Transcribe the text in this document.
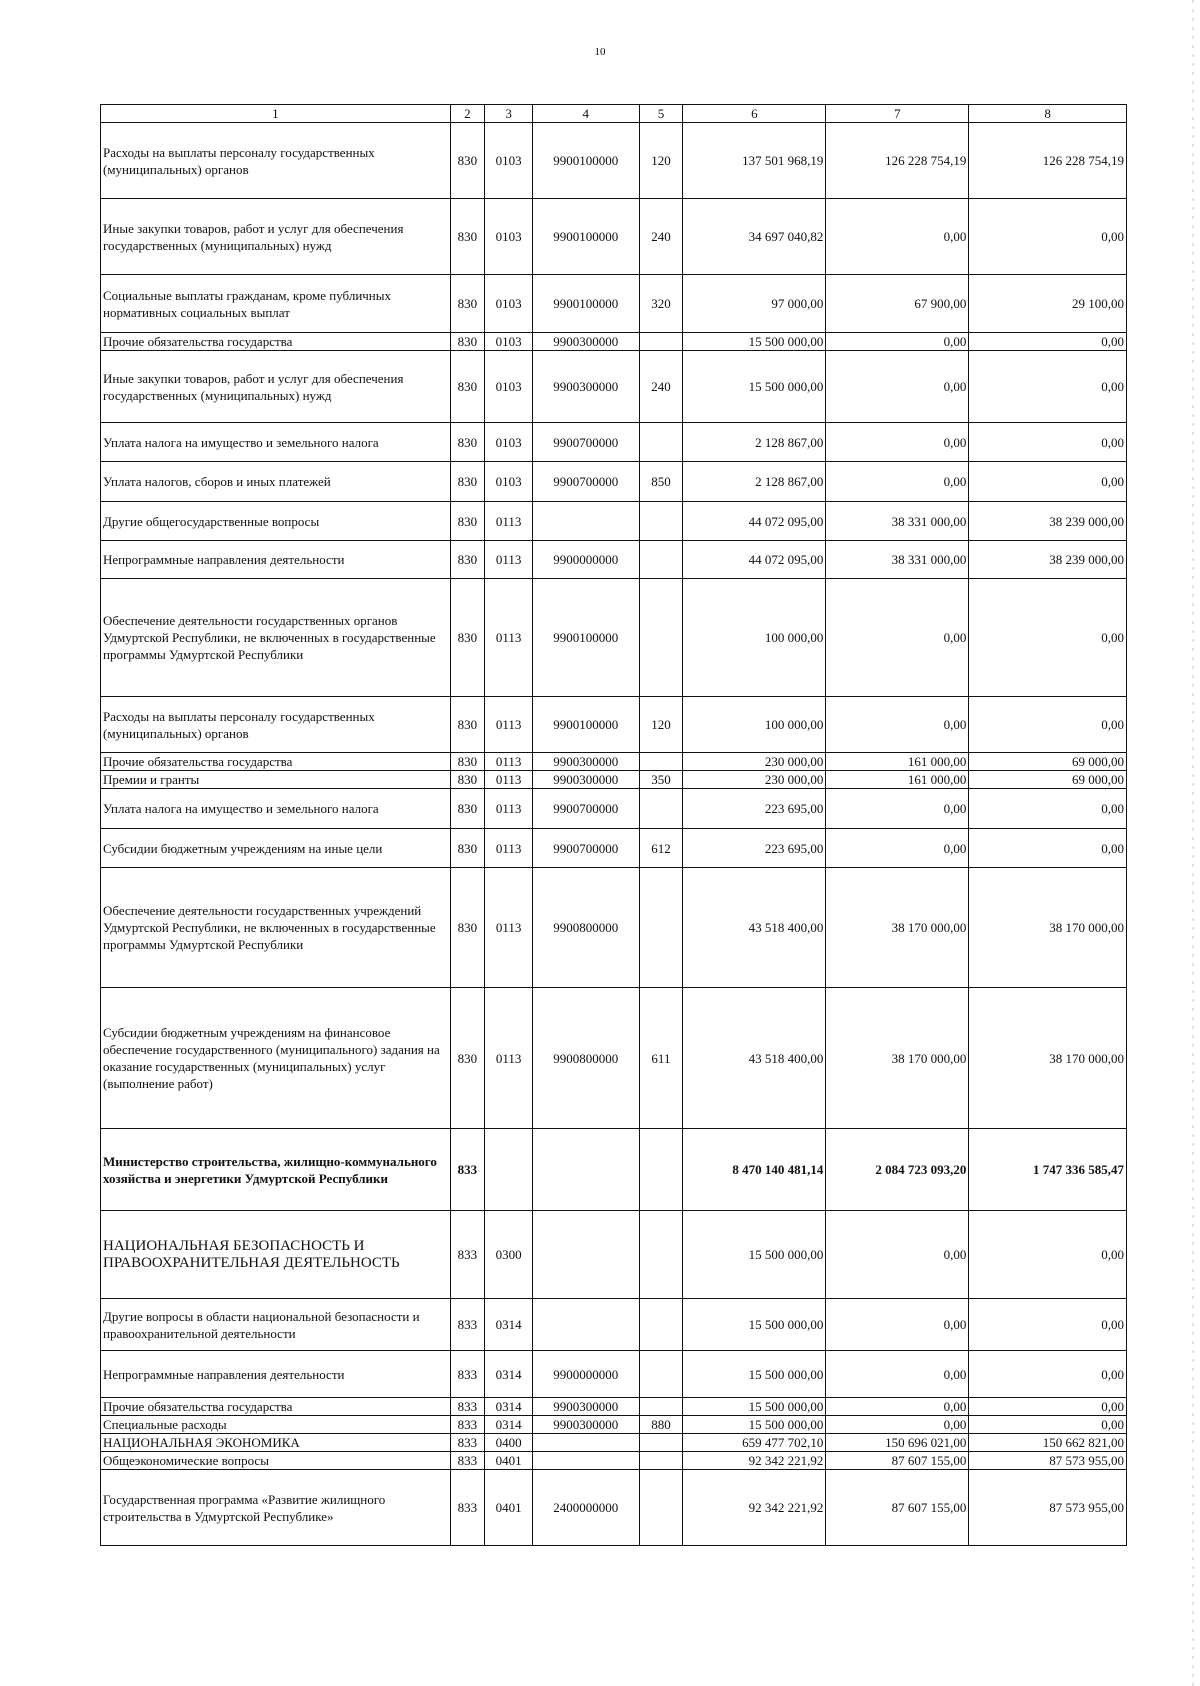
10
1	2	3	4	5	6	7	8
Расходы на выплаты персоналу государственных (муниципальных) органов	830	0103	9900100000	120	137 501 968,19	126 228 754,19	126 228 754,19
Иные закупки товаров, работ и услуг для обеспечения государственных (муниципальных) нужд	830	0103	9900100000	240	34 697 040,82	0,00	0,00
Социальные выплаты гражданам, кроме публичных нормативных социальных выплат	830	0103	9900100000	320	97 000,00	67 900,00	29 100,00
Прочие обязательства государства	830	0103	9900300000		15 500 000,00	0,00	0,00
Иные закупки товаров, работ и услуг для обеспечения государственных (муниципальных) нужд	830	0103	9900300000	240	15 500 000,00	0,00	0,00
Уплата налога на имущество и земельного налога	830	0103	9900700000		2 128 867,00	0,00	0,00
Уплата налогов, сборов и иных платежей	830	0103	9900700000	850	2 128 867,00	0,00	0,00
Другие общегосударственные вопросы	830	0113			44 072 095,00	38 331 000,00	38 239 000,00
Непрограммные направления деятельности	830	0113	9900000000		44 072 095,00	38 331 000,00	38 239 000,00
Обеспечение деятельности государственных органов Удмуртской Республики, не включенных в государственные программы Удмуртской Республики	830	0113	9900100000		100 000,00	0,00	0,00
Расходы на выплаты персоналу государственных (муниципальных) органов	830	0113	9900100000	120	100 000,00	0,00	0,00
Прочие обязательства государства	830	0113	9900300000		230 000,00	161 000,00	69 000,00
Премии и гранты	830	0113	9900300000	350	230 000,00	161 000,00	69 000,00
Уплата налога на имущество и земельного налога	830	0113	9900700000		223 695,00	0,00	0,00
Субсидии бюджетным учреждениям на иные цели	830	0113	9900700000	612	223 695,00	0,00	0,00
Обеспечение деятельности государственных учреждений Удмуртской Республики, не включенных в государственные программы Удмуртской Республики	830	0113	9900800000		43 518 400,00	38 170 000,00	38 170 000,00
Субсидии бюджетным учреждениям на финансовое обеспечение государственного (муниципального) задания на оказание государственных (муниципальных) услуг (выполнение работ)	830	0113	9900800000	611	43 518 400,00	38 170 000,00	38 170 000,00
Министерство строительства, жилищно-коммунального хозяйства и энергетики Удмуртской Республики	833				8 470 140 481,14	2 084 723 093,20	1 747 336 585,47
НАЦИОНАЛЬНАЯ БЕЗОПАСНОСТЬ И ПРАВООХРАНИТЕЛЬНАЯ ДЕЯТЕЛЬНОСТЬ	833	0300			15 500 000,00	0,00	0,00
Другие вопросы в области национальной безопасности и правоохранительной деятельности	833	0314			15 500 000,00	0,00	0,00
Непрограммные направления деятельности	833	0314	9900000000		15 500 000,00	0,00	0,00
Прочие обязательства государства	833	0314	9900300000		15 500 000,00	0,00	0,00
Специальные расходы	833	0314	9900300000	880	15 500 000,00	0,00	0,00
НАЦИОНАЛЬНАЯ ЭКОНОМИКА	833	0400			659 477 702,10	150 696 021,00	150 662 821,00
Общеэкономические вопросы	833	0401			92 342 221,92	87 607 155,00	87 573 955,00
Государственная программа «Развитие жилищного строительства в Удмуртской Республике»	833	0401	2400000000		92 342 221,92	87 607 155,00	87 573 955,00
